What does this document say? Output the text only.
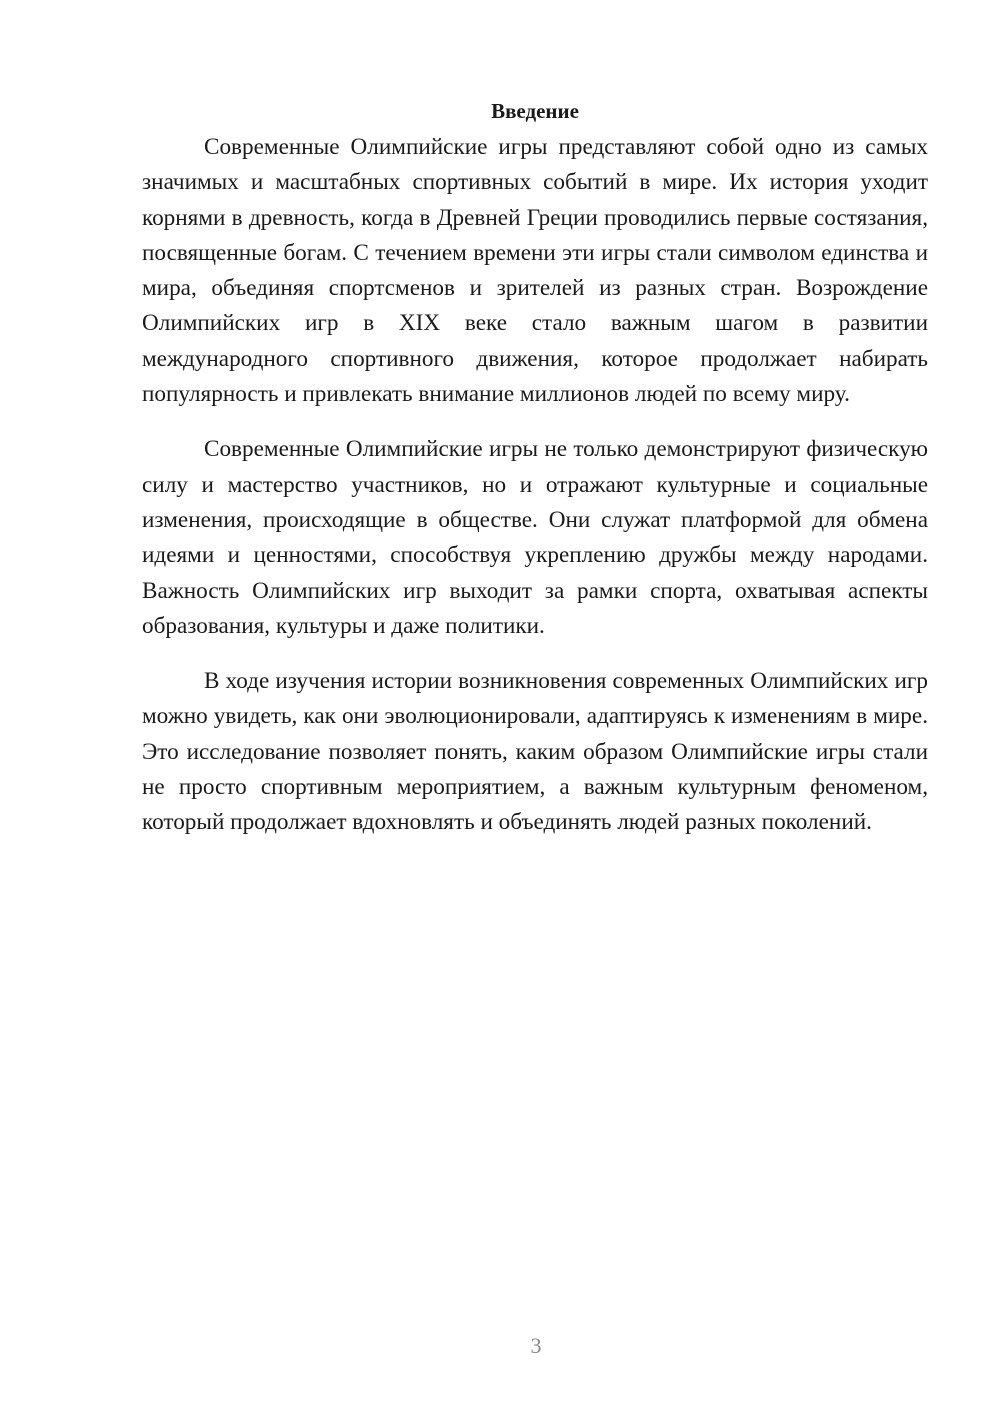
Введение

Современные Олимпийские игры представляют собой одно из самых значимых и масштабных спортивных событий в мире. Их история уходит корнями в древность, когда в Древней Греции проводились первые состязания, посвященные богам. С течением времени эти игры стали символом единства и мира, объединяя спортсменов и зрителей из разных стран. Возрождение Олимпийских игр в XIX веке стало важным шагом в развитии международного спортивного движения, которое продолжает набирать популярность и привлекать внимание миллионов людей по всему миру.

Современные Олимпийские игры не только демонстрируют физическую силу и мастерство участников, но и отражают культурные и социальные изменения, происходящие в обществе. Они служат платформой для обмена идеями и ценностями, способствуя укреплению дружбы между народами. Важность Олимпийских игр выходит за рамки спорта, охватывая аспекты образования, культуры и даже политики.

В ходе изучения истории возникновения современных Олимпийских игр можно увидеть, как они эволюционировали, адаптируясь к изменениям в мире. Это исследование позволяет понять, каким образом Олимпийские игры стали не просто спортивным мероприятием, а важным культурным феноменом, который продолжает вдохновлять и объединять людей разных поколений.

3
